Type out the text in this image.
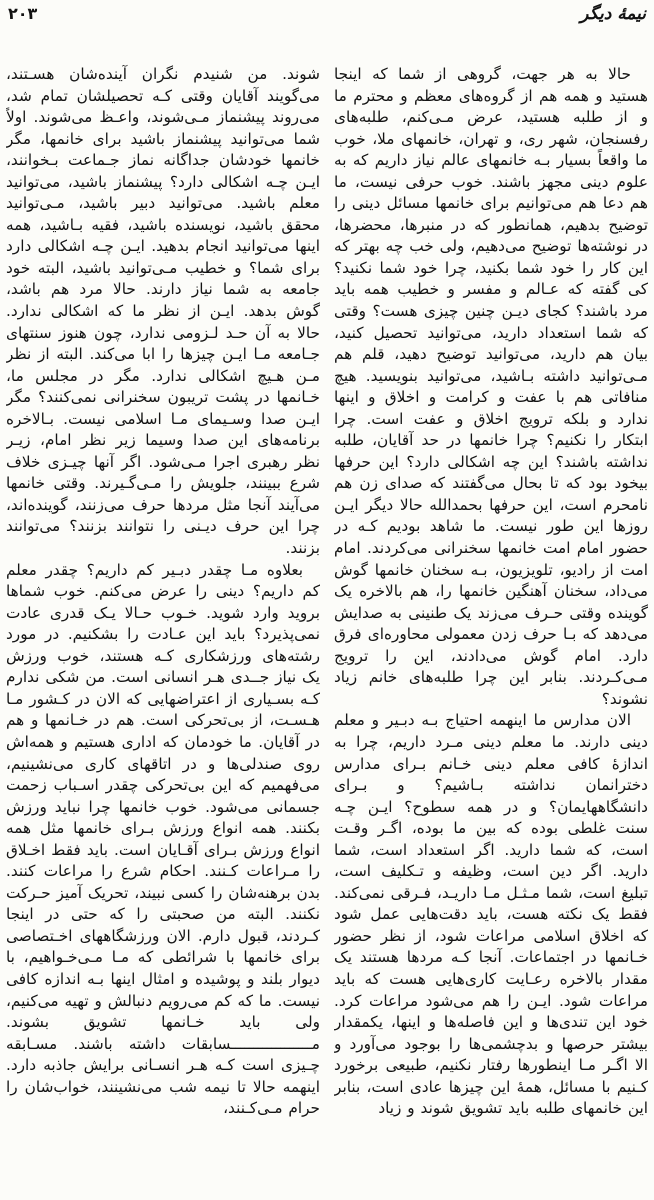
نیمهٔ دیگر
۲۰۳

حالا به هر جهت، گروهی از شما که اینجا هستید و همه هم از گروه‌های معظم و محترم ما و از طلبه هستید، عرض مـی‌کنم، طلبه‌های رفسنجان، شهر ری، و تهران، خانمهای ملا، خوب ما واقعاً بسیار بـه خانمهای عالم نیاز داریم که به علوم دینی مجهز باشند. خوب حرفی نیست، ما هم دعا هم می‌توانیم برای خانمها مسائل دینی را توضیح بدهیم، همانطور که در منبرها، محضرها، در نوشته‌ها توضیح می‌دهیم، ولی خب چه بهتر که این کار را خود شما بکنید، چرا خود شما نکنید؟ کی گفته که عـالم و مفسر و خطیب همه باید مرد باشند؟ کجای دیـن چنین چیزی هست؟ وقتی که شما استعداد دارید، می‌توانید تحصیل کنید، بیان هم دارید، می‌توانید توضیح دهید، قلم هم مـی‌توانید داشته بـاشید، می‌توانید بنویسید. هیچ منافاتی هم با عفت و کرامت و اخلاق و اینها ندارد و بلکه ترویج اخلاق و عفت است. چرا ابتکار را نکنیم؟ چرا خانمها در حد آقایان، طلبه نداشته باشند؟ این چه اشکالی دارد؟ این حرفها بیخود بود که تا بحال می‌گفتند که صدای زن هم نامحرم است، این حرفها بحمدالله حالا دیگر ایـن روزها این طور نیست. ما شاهد بودیم کـه در حضور امام امت خانمها سخنرانی می‌کردند. امام امت از رادیو، تلویزیون، بـه سخنان خانمها گوش می‌داد، سخنان آهنگین خانمها را، هم بالاخره یک گوینده وقتی حـرف می‌زند یک طنینی به صدایش می‌دهد که بـا حرف زدن معمولی محاوره‌ای فرق دارد. امام گوش می‌دادند، این را ترویج مـی‌کـردند. بنابر این چرا طلبه‌های خانم زیاد نشوند؟

الان مدارس ما اینهمه احتیاج بـه دبـیر و معلم دینی دارند. ما معلم دینی مـرد داریم، چرا به اندازهٔ کافی معلم دینی خـانم بـرای مدارس دخترانمان نداشته بـاشیم؟ و بـرای دانشگاههایمان؟ و در همه سطوح؟ ایـن چـه سنت غلطی بوده که بین ما بوده، اگـر وقـت است، که شما دارید. اگر استعداد است، شما دارید. اگر دین است، وظیفه و تـکلیف است، تبلیغ است، شما مـثـل مـا داریـد، فـرقی نمی‌کند. فقط یک نکته هست، باید دقت‌هایی عمل شود که اخلاق اسلامی مراعات شود، از نظر حضور خـانمها در اجتماعات. آنجا کـه مردها هستند یک مقدار بالاخره رعـایت کاری‌هایی هست که باید مراعات شود. ایـن را هم می‌شود مراعات کرد. خود این تندی‌ها و این فاصله‌ها و اینها، یکمقدار بیشتر حرصها و بدچشمی‌ها را بوجود می‌آورد و الا اگـر مـا اینطورها رفتار نکنیم، طبیعی برخورد کـنیم با مسائل، همهٔ این چیزها عادی است، بنابر این خانمهای طلبه باید تشویق شوند و زیاد

شوند. من شنیدم نگران آینده‌شان هسـتند، می‌گویند آقایان وقتی کـه تحصیلشان تمام شد، می‌روند پیشنماز مـی‌شوند، واعـظ می‌شوند. اولاً شما می‌توانید پیشنماز باشید برای خانمها، مگر خانمها خودشان جداگانه نماز جـماعت بـخوانند، ایـن چـه اشکالی دارد؟ پیشنماز باشید، می‌توانید معلم باشید. می‌توانید دبیر باشید، مـی‌توانید محقق باشید، نویسنده باشید، فقیه بـاشید، همه اینها می‌توانید انجام بدهید. ایـن چـه اشکالی دارد برای شما؟ و خطیب مـی‌توانید باشید، البته خود جامعه به شما نیاز دارند. حالا مرد هم باشد، گوش بدهد. ایـن از نظر ما که اشکالی ندارد. حالا به آن حـد لـزومی ندارد، چون هنوز سنتهای جـامعه مـا ایـن چیزها را ابا می‌کند. البته از نظر مـن هـیچ اشکالی ندارد. مگر در مجلس ما، خـانمها در پشت تریبون سخنرانی نمی‌کنند؟ مگر ایـن صدا وسـیمای مـا اسلامی نیست. بـالاخره برنامه‌های این صدا وسیما زیر نظر امام، زیـر نظر رهبری اجرا مـی‌شود. اگر آنها چیـزی خلاف شرع ببینند، جلویش را مـی‌گـیرند. وقتی خانمها می‌آیند آنجا مثل مردها حرف می‌زنند، گوینده‌اند، چرا این حرف دیـنی را نتوانند بزنند؟ می‌توانند بزنند.

بعلاوه مـا چقدر دبـیر کم داریم؟ چقدر معلم کم داریم؟ دینی را عرض می‌کنم. خوب شماها بروید وارد شوید. خـوب حـالا یـک قدری عادت نمی‌پذیرد؟ باید این عـادت را بشکنیم. در مورد رشته‌های ورزشکاری کـه هستند، خوب ورزش یک نیاز جــدی هـر انسانی است. من شکی ندارم کـه بسـیاری از اعتراضهایی که الان در کـشور مـا هـسـت، از بی‌تحرکی است. هم در خـانمها و هم در آقایان. ما خودمان که اداری هستیم و همه‌اش روی صندلی‌ها و در اتاقهای کاری می‌نشینیم، می‌فهمیم که این بی‌تحرکی چقدر اسـباب زحمت جسمانی می‌شود. خوب خانمها چرا نباید ورزش بکنند. همه انواع ورزش بـرای خانمها مثل همه انواع ورزش بـرای آقـایان است. باید فقط اخـلاق را مـراعات کـنند. احکام شرع را مراعات کنند. بدن برهنه‌شان را کسی نبیند، تحریک آمیز حـرکت نکنند. البته من صحبتی را که حتی در اینجا کـردند، قبول دارم. الان ورزشگاههای اخـتصاصی برای خانمها با شرائطی که مـا مـی‌خـواهیم، با دیوار بلند و پوشیده و امثال اینها بـه اندازه کافی نیست. ما که کم می‌رویم دنبالش و تهیه می‌کنیم، ولی باید خـانمها تشویق بشوند. مــــــــــــــــــسابقات داشته باشند. مسـابقه چـیزی است کـه هـر انسـانی برایش جاذبه دارد. اینهمه حالا تا نیمه شب می‌نشینند، خواب‌شان را حرام مـی‌کـنند،
